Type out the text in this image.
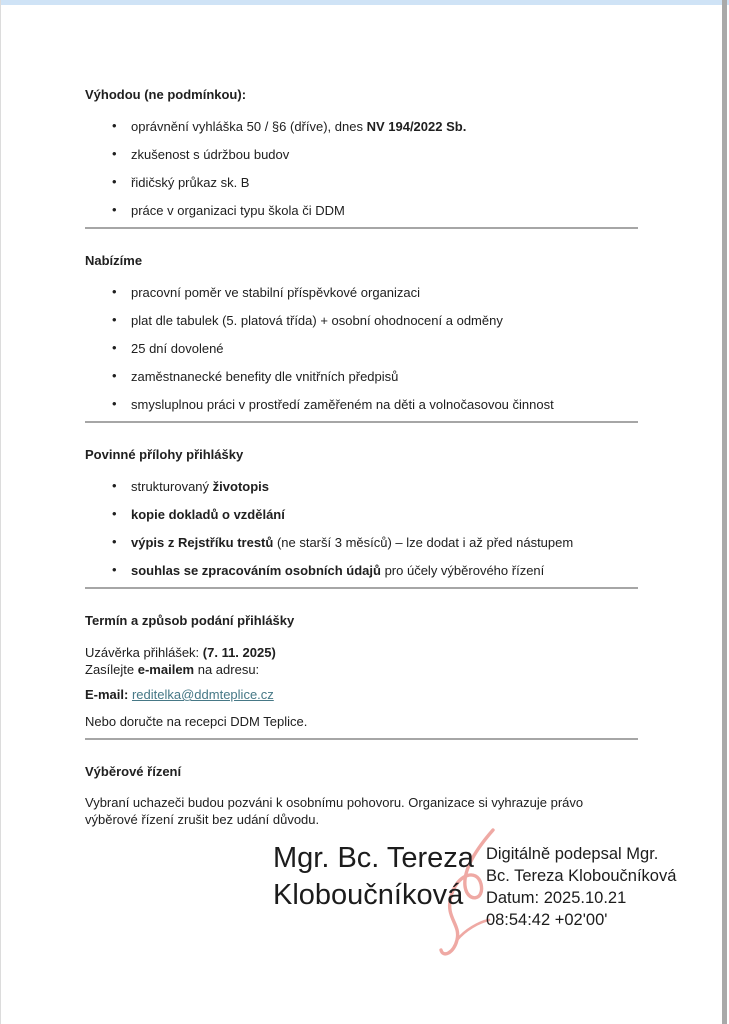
Výhodou (ne podmínkou):
• oprávnění vyhláška 50 / §6 (dříve), dnes NV 194/2022 Sb.
• zkušenost s údržbou budov
• řidičský průkaz sk. B
• práce v organizaci typu škola či DDM
Nabízíme
• pracovní poměr ve stabilní příspěvkové organizaci
• plat dle tabulek (5. platová třída) + osobní ohodnocení a odměny
• 25 dní dovolené
• zaměstnanecké benefity dle vnitřních předpisů
• smysluplnou práci v prostředí zaměřeném na děti a volnočasovou činnost
Povinné přílohy přihlášky
• strukturovaný životopis
• kopie dokladů o vzdělání
• výpis z Rejstříku trestů (ne starší 3 měsíců) – lze dodat i až před nástupem
• souhlas se zpracováním osobních údajů pro účely výběrového řízení
Termín a způsob podání přihlášky

Uzávěrka přihlášek: (7. 11. 2025)
Zasílejte e-mailem na adresu:

E-mail: reditelka@ddmteplice.cz

Nebo doručte na recepci DDM Teplice.

Výběrové řízení

Vybraní uchazeči budou pozváni k osobnímu pohovoru. Organizace si vyhrazuje právo výběrové řízení zrušit bez udání důvodu.

Mgr. Bc. Tereza
Kloboučníková
Digitálně podepsal Mgr.
Bc. Tereza Kloboučníková
Datum: 2025.10.21
08:54:42 +02'00'
